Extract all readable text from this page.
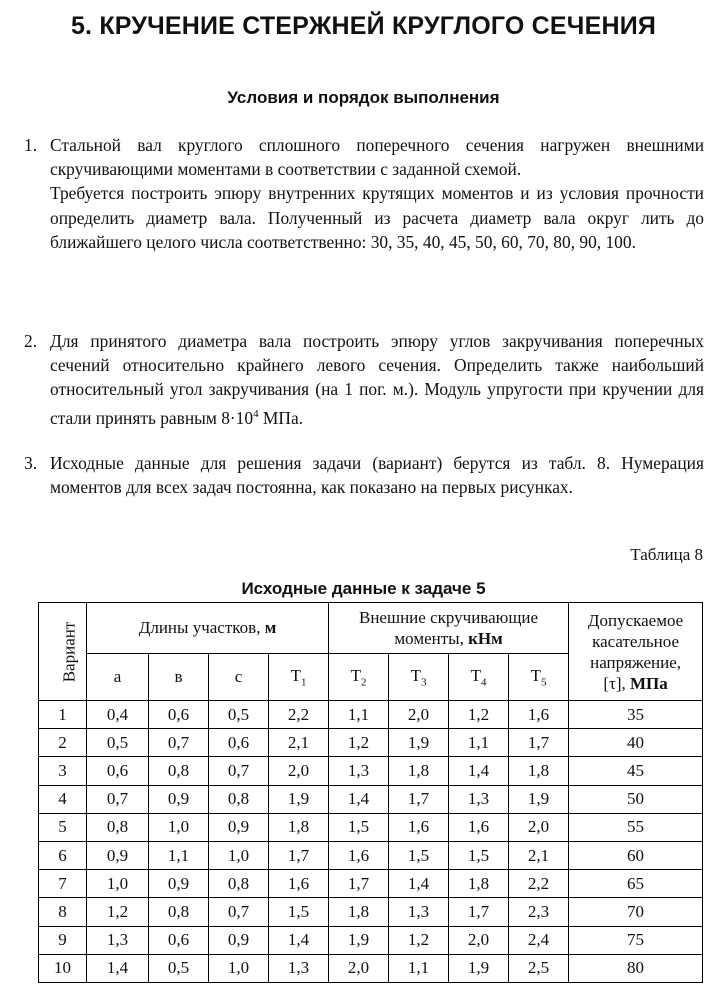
5. КРУЧЕНИЕ СТЕРЖНЕЙ КРУГЛОГО СЕЧЕНИЯ
Условия и порядок выполнения
1. Стальной вал круглого сплошного поперечного сечения нагружен внешними скручивающими моментами в соответствии с заданной схемой.

Требуется построить эпюру внутренних крутящих моментов и из условия прочности определить диаметр вала. Полученный из расчета диаметр вала округ лить до ближайшего целого числа соответственно: 30, 35, 40, 45, 50, 60, 70, 80, 90, 100.

2. Для принятого диаметра вала построить эпюру углов закручивания поперечных сечений относительно крайнего левого сечения. Определить также наибольший относительный угол закручивания (на 1 пог. м.). Модуль упругости при кручении для стали принять равным $8\cdot 10^4$ МПа.

3. Исходные данные для решения задачи (вариант) берутся из табл. 8. Нумерация моментов для всех задач постоянна, как показано на первых рисунках.

Таблица 8
Исходные данные к задаче 5
Вариант	Длины участков, м				Внешние скручивающие моменты, кНм				Допускаемое
касательное
напряжение,
[τ], МПа
	a	в	c	$T_1$	$T_2$	$T_3$	$T_4$	$T_5$
1	0,4	0,6	0,5	2,2	1,1	2,0	1,2	1,6	35
2	0,5	0,7	0,6	2,1	1,2	1,9	1,1	1,7	40
3	0,6	0,8	0,7	2,0	1,3	1,8	1,4	1,8	45
4	0,7	0,9	0,8	1,9	1,4	1,7	1,3	1,9	50
5	0,8	1,0	0,9	1,8	1,5	1,6	1,6	2,0	55
6	0,9	1,1	1,0	1,7	1,6	1,5	1,5	2,1	60
7	1,0	0,9	0,8	1,6	1,7	1,4	1,8	2,2	65
8	1,2	0,8	0,7	1,5	1,8	1,3	1,7	2,3	70
9	1,3	0,6	0,9	1,4	1,9	1,2	2,0	2,4	75
10	1,4	0,5	1,0	1,3	2,0	1,1	1,9	2,5	80
